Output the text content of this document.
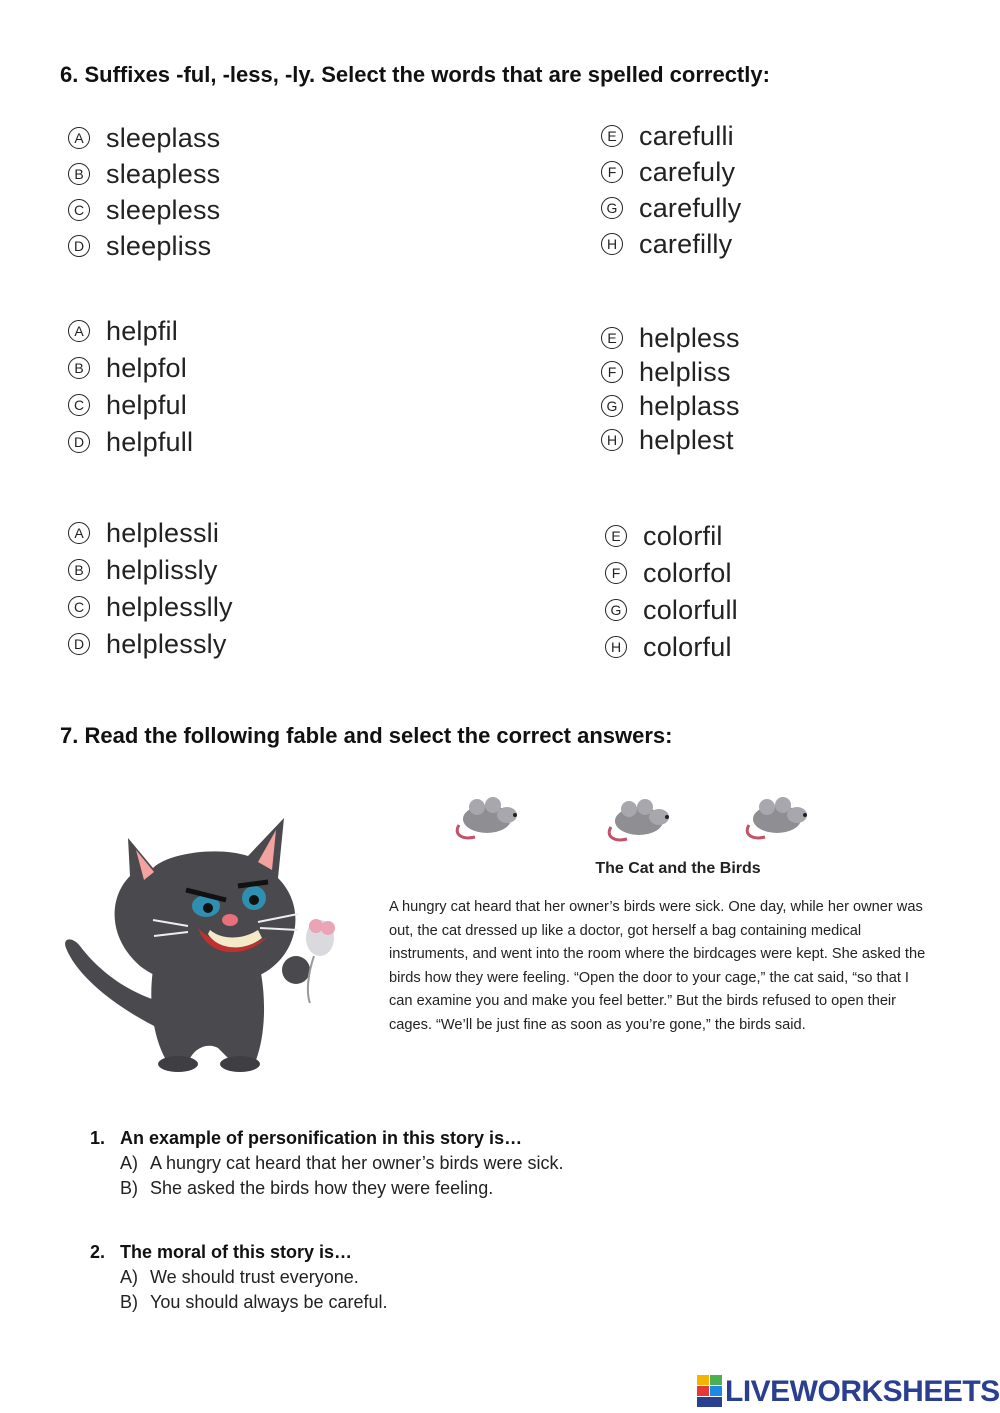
6. Suffixes -ful, -less, -ly. Select the words that are spelled correctly:
A sleeplass
B sleapless
C sleepless
D sleepliss
E carefulli
F carefuly
G carefully
H carefilly
A helpfil
B helpfol
C helpful
D helpfull
E helpless
F helpliss
G helplass
H helplest
A helplessli
B helplissly
C helplesslly
D helplessly
E colorfil
F colorfol
G colorfull
H colorful
7. Read the following fable and select the correct answers:
The Cat and the Birds
A hungry cat heard that her owner’s birds were sick. One day, while her owner was
out, the cat dressed up like a doctor, got herself a bag containing medical
instruments, and went into the room where the birdcages were kept. She asked the
birds how they were feeling. “Open the door to your cage,” the cat said, “so that I
can examine you and make you feel better.” But the birds refused to open their
cages. “We’ll be just fine as soon as you’re gone,” the birds said.
1. An example of personification in this story is…
A) A hungry cat heard that her owner’s birds were sick.
B) She asked the birds how they were feeling.
2. The moral of this story is…
A) We should trust everyone.
B) You should always be careful.
LIVEWORKSHEETS
